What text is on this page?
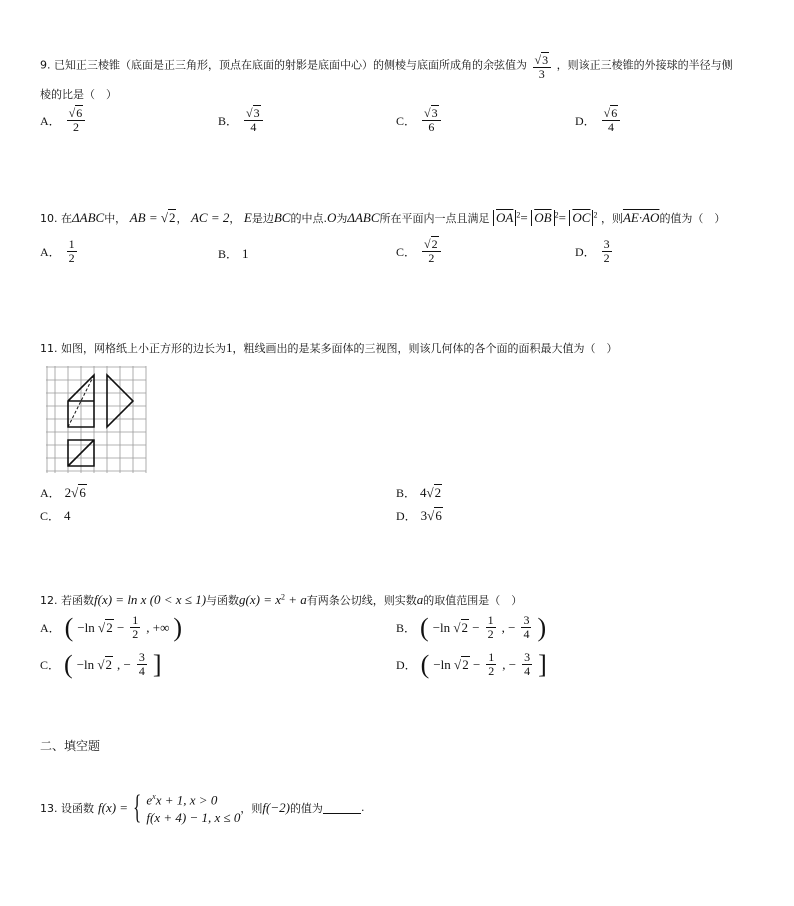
9. 已知正三棱锥（底面是正三角形，顶点在底面的射影是底面中心）的侧棱与底面所成角的余弦值为 $\frac{√3}{3}$ ，则该正三棱锥的外接球的半径与侧
棱的比是（　）
A． $\frac{√6}{2}$	B． $\frac{√3}{4}$	C． $\frac{√3}{6}$	D． $\frac{√6}{4}$
10. 在ΔABC中， AB = √2， AC = 2， E是边BC的中点.O为ΔABC所在平面内一点且满足 $\overline{OA}$ $^2= \overline{OB}$ $^2= \overline{OC}$ $^2$ ，则AE·AO的值为（　）
A． $\frac{1}{2}$	B． 1	C． $\frac{√2}{2}$	D． $\frac{3}{2}$
11. 如图，网格纸上小正方形的边长为1，粗线画出的是某多面体的三视图，则该几何体的各个面的面积最大值为（　）
A． 2√6	B． 4√2
C． 4	D． 3√6
12. 若函数f(x) = ln x (0 < x ≤ 1)与函数$g(x) = x^2 + a$有两条公切线，则实数a的取值范围是（　）
A． ( −ln $√2 - \frac{1}{2}$ , +∞ )	B． ( −ln $√2 - \frac{1}{2}$ , − $\frac{3}{4}$ )
C． ( −ln √2 , − $\frac{3}{4}$ ]	D． ( −ln $√2 - \frac{1}{2}$ , − $\frac{3}{4}$ ]
二、填空题
13. 设函数 f(x) = { $e^xx + 1$, x > 0
f(x + 4) − 1, x ≤ 0
，则 f(−2) 的值为	.
